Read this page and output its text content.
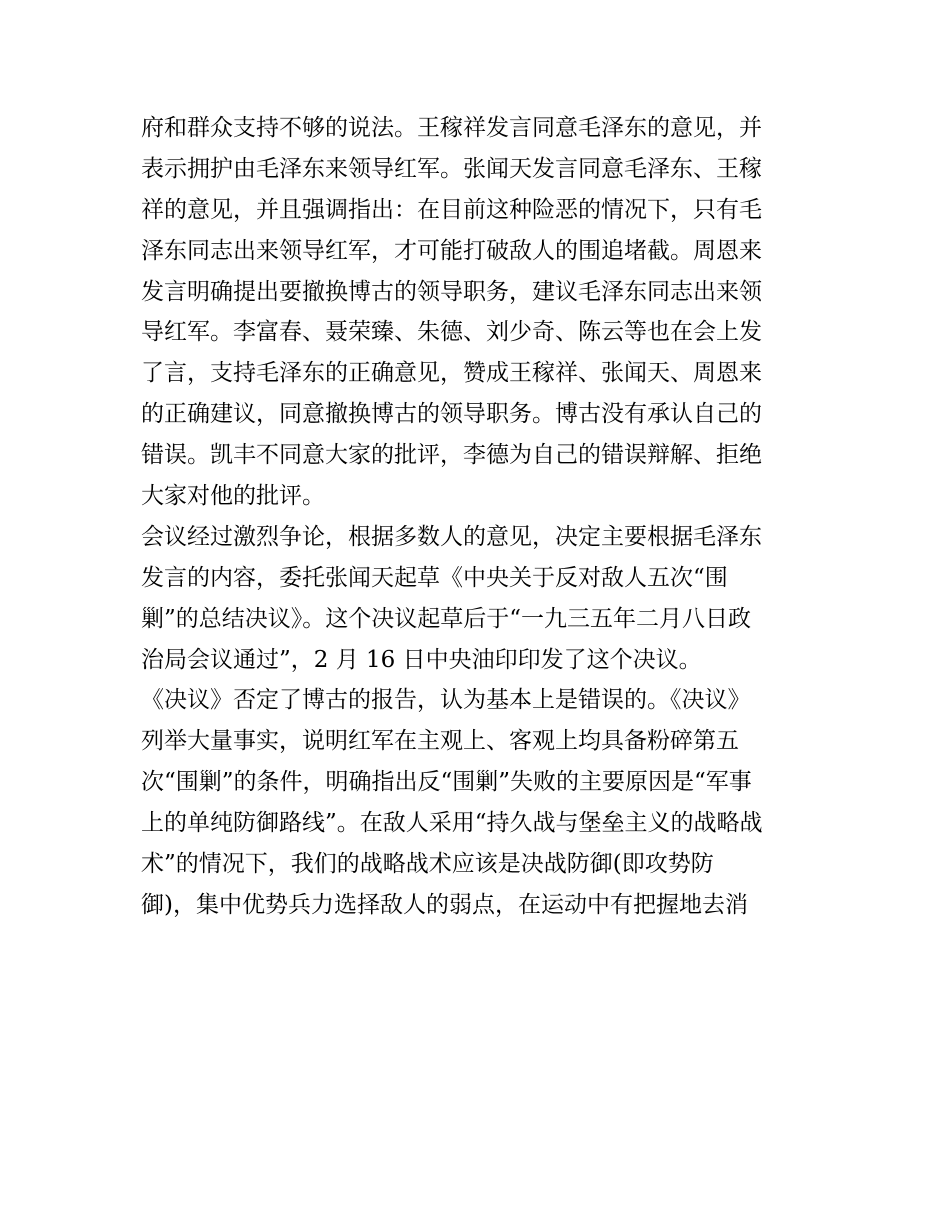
府和群众支持不够的说法。王稼祥发言同意毛泽东的意见，并
表示拥护由毛泽东来领导红军。张闻天发言同意毛泽东、王稼
祥的意见，并且强调指出：在目前这种险恶的情况下，只有毛
泽东同志出来领导红军，才可能打破敌人的围追堵截。周恩来
发言明确提出要撤换博古的领导职务，建议毛泽东同志出来领
导红军。李富春、聂荣臻、朱德、刘少奇、陈云等也在会上发
了言，支持毛泽东的正确意见，赞成王稼祥、张闻天、周恩来
的正确建议，同意撤换博古的领导职务。博古没有承认自己的
错误。凯丰不同意大家的批评，李德为自己的错误辩解、拒绝
大家对他的批评。
会议经过激烈争论，根据多数人的意见，决定主要根据毛泽东
发言的内容，委托张闻天起草《中央关于反对敌人五次“围
剿”的总结决议》。这个决议起草后于“一九三五年二月八日政
治局会议通过”，2 月 16 日中央油印印发了这个决议。
《决议》否定了博古的报告，认为基本上是错误的。《决议》
列举大量事实，说明红军在主观上、客观上均具备粉碎第五
次“围剿”的条件，明确指出反“围剿”失败的主要原因是“军事
上的单纯防御路线”。在敌人采用“持久战与堡垒主义的战略战
术”的情况下，我们的战略战术应该是决战防御(即攻势防
御)，集中优势兵力选择敌人的弱点，在运动中有把握地去消
